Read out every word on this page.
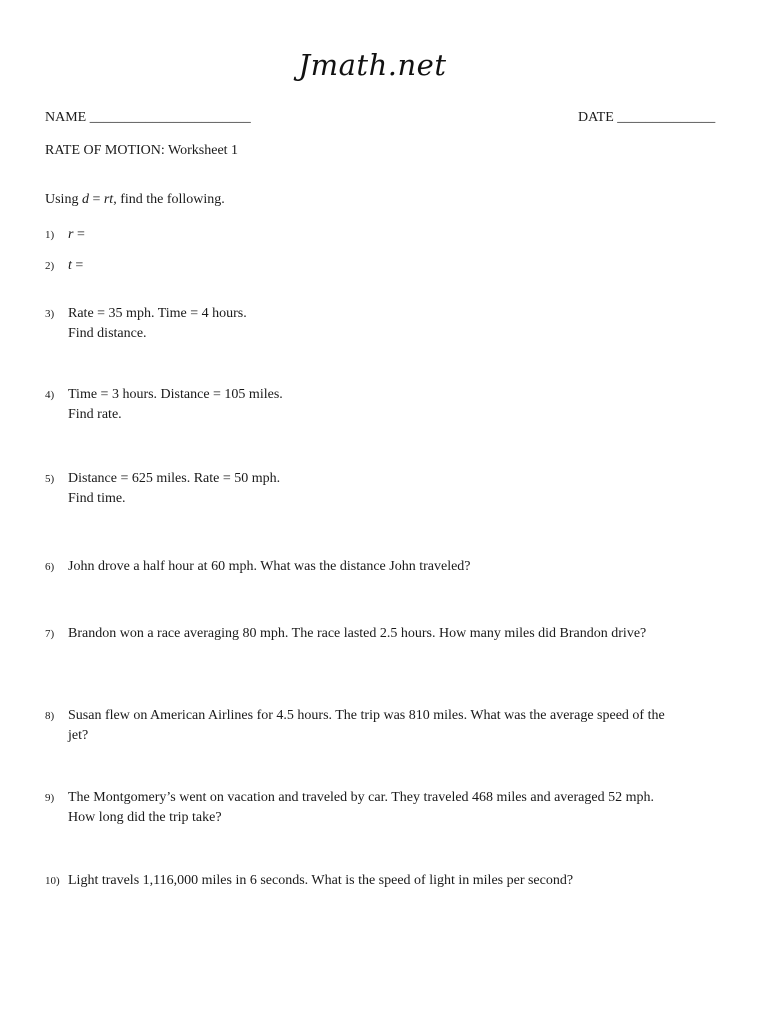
Jmath.net
NAME _______________________	DATE ______________
RATE OF MOTION: Worksheet 1
Using d = rt, find the following.
1) r =
2) t =
3) Rate = 35 mph. Time = 4 hours.
Find distance.
4) Time = 3 hours. Distance = 105 miles.
Find rate.
5) Distance = 625 miles. Rate = 50 mph.
Find time.
6) John drove a half hour at 60 mph. What was the distance John traveled?
7) Brandon won a race averaging 80 mph. The race lasted 2.5 hours. How many miles did Brandon drive?
8) Susan flew on American Airlines for 4.5 hours. The trip was 810 miles. What was the average speed of the
jet?
9) The Montgomery’s went on vacation and traveled by car. They traveled 468 miles and averaged 52 mph.
How long did the trip take?
10) Light travels 1,116,000 miles in 6 seconds. What is the speed of light in miles per second?
